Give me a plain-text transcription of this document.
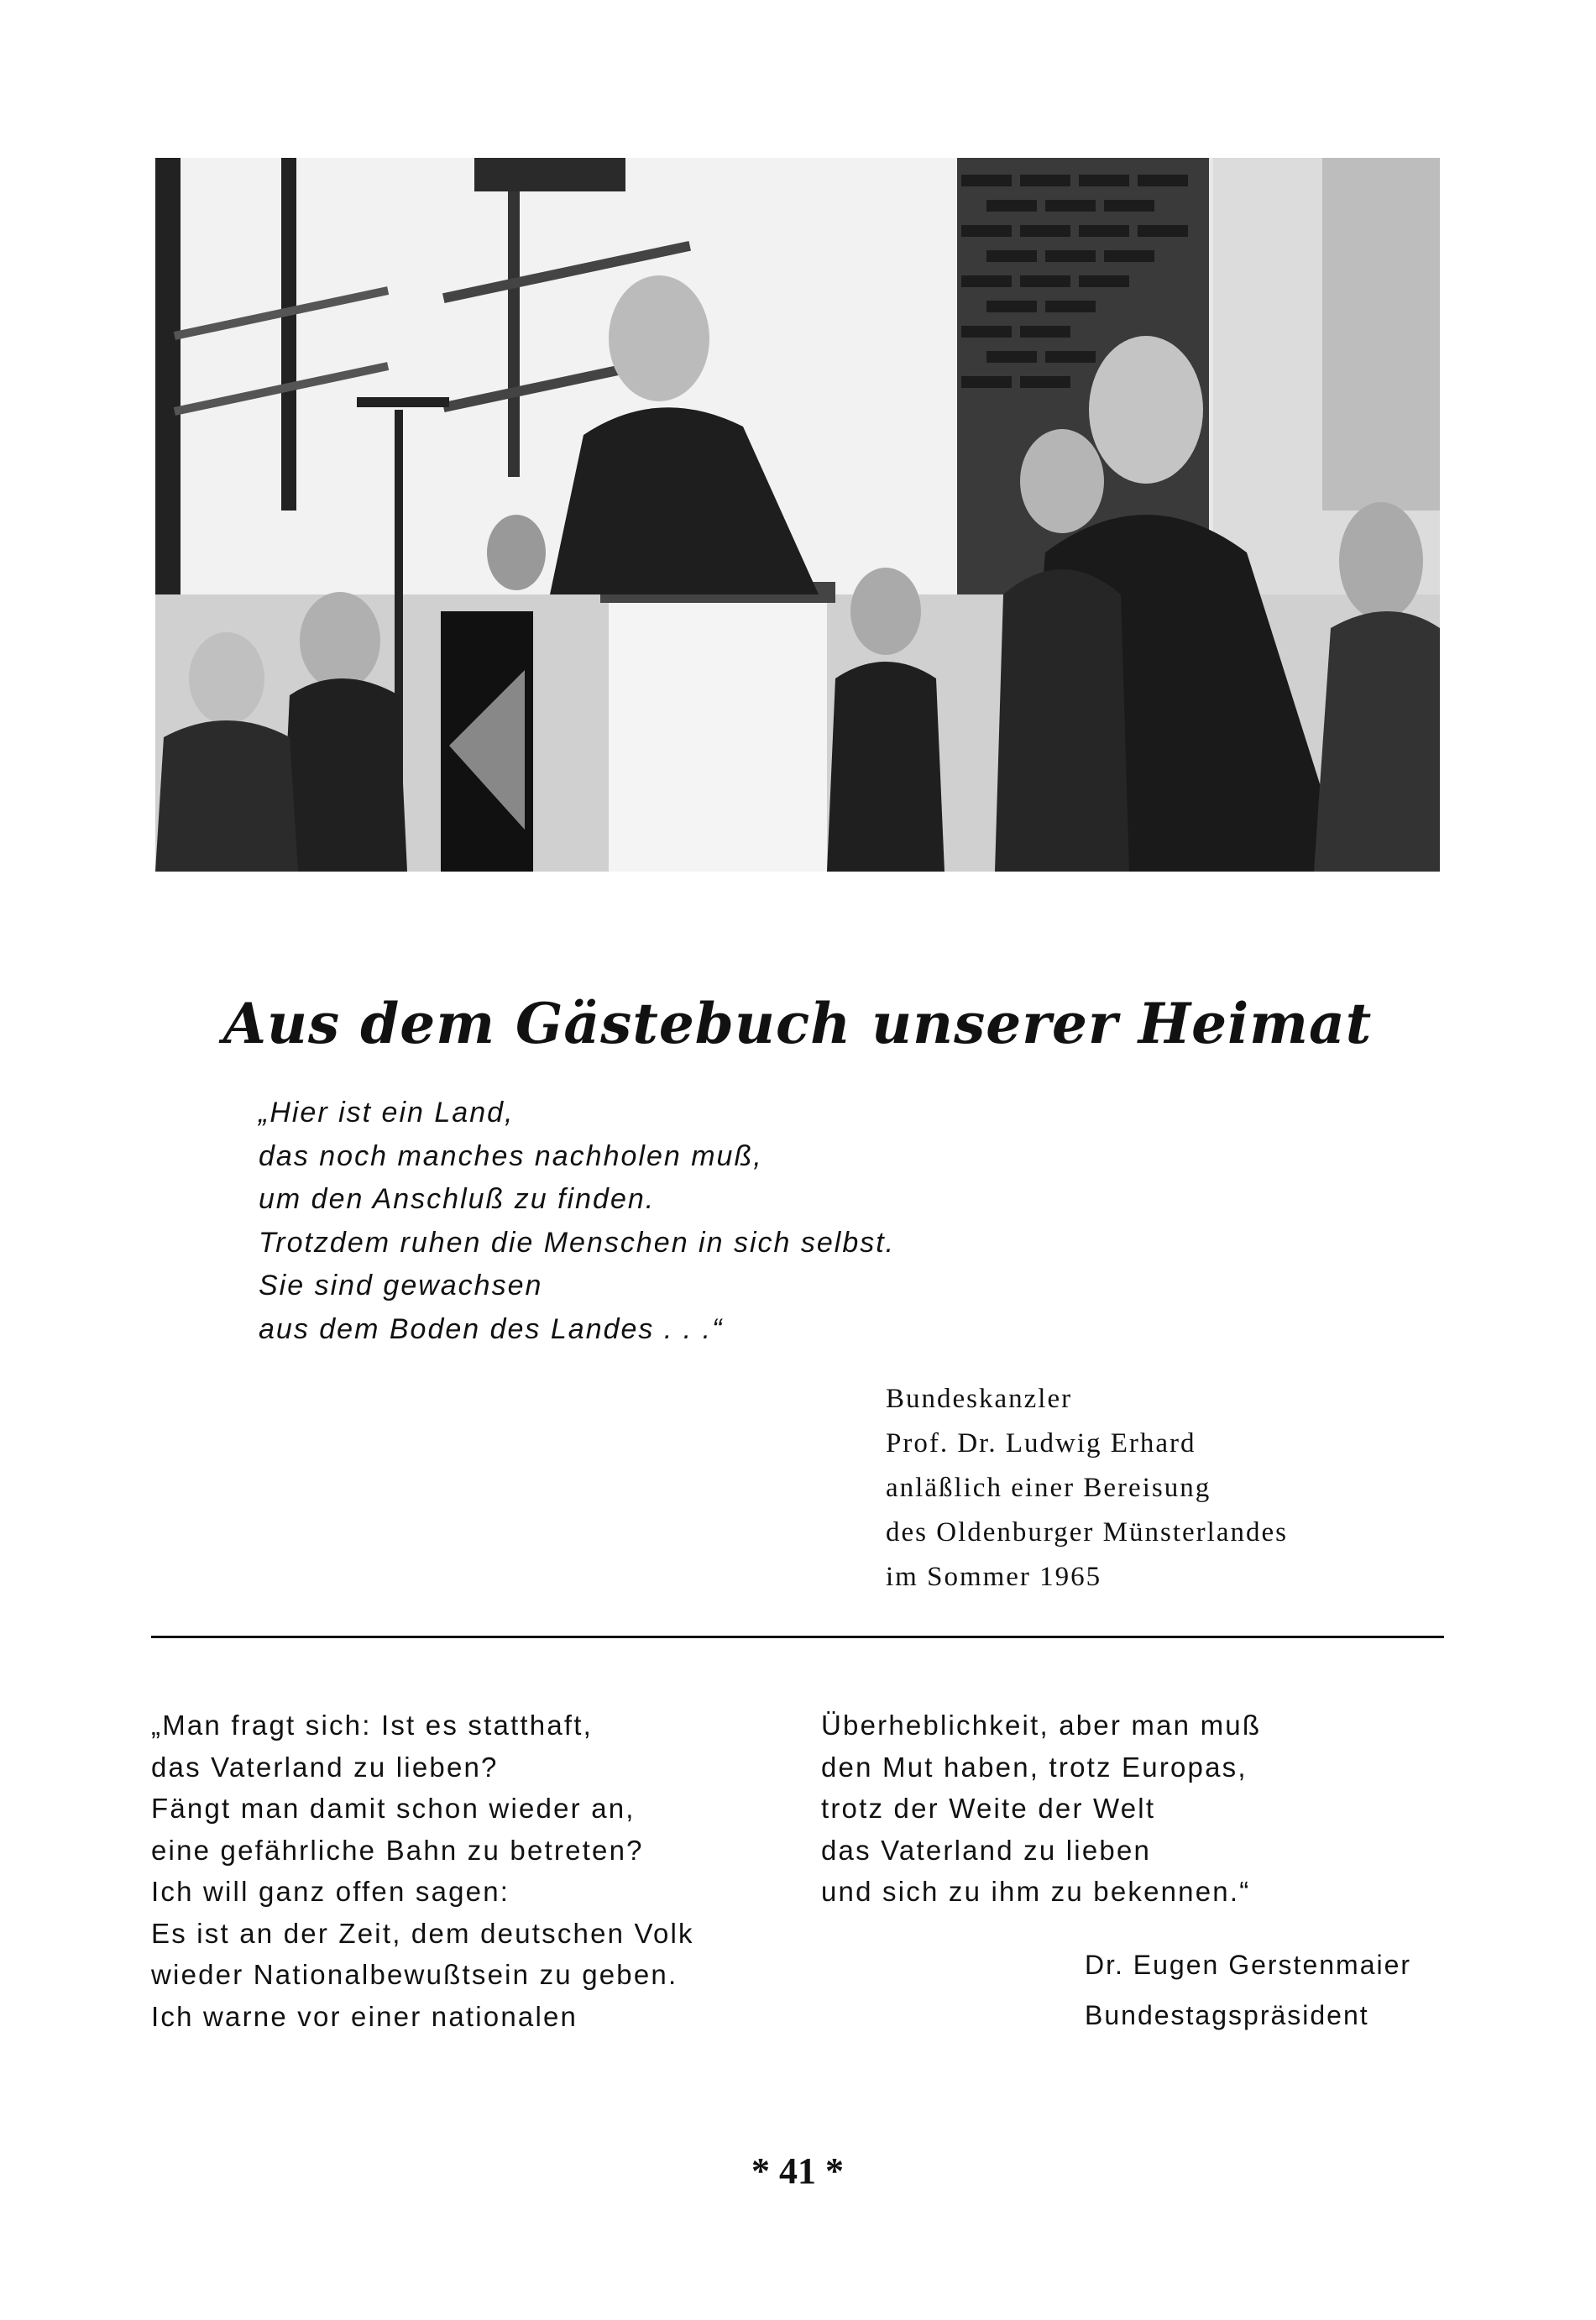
Aus dem Gästebuch unserer Heimat
„Hier ist ein Land,
das noch manches nachholen muß,
um den Anschluß zu finden.
Trotzdem ruhen die Menschen in sich selbst.
Sie sind gewachsen
aus dem Boden des Landes . . .“
Bundeskanzler
Prof. Dr. Ludwig Erhard
anläßlich einer Bereisung
des Oldenburger Münsterlandes
im Sommer 1965
„Man fragt sich: Ist es statthaft,
das Vaterland zu lieben?
Fängt man damit schon wieder an,
eine gefährliche Bahn zu betreten?
Ich will ganz offen sagen:
Es ist an der Zeit, dem deutschen Volk
wieder Nationalbewußtsein zu geben.
Ich warne vor einer nationalen
Überheblichkeit, aber man muß
den Mut haben, trotz Europas,
trotz der Weite der Welt
das Vaterland zu lieben
und sich zu ihm zu bekennen.“
Dr. Eugen Gerstenmaier
Bundestagspräsident
* 41 *
